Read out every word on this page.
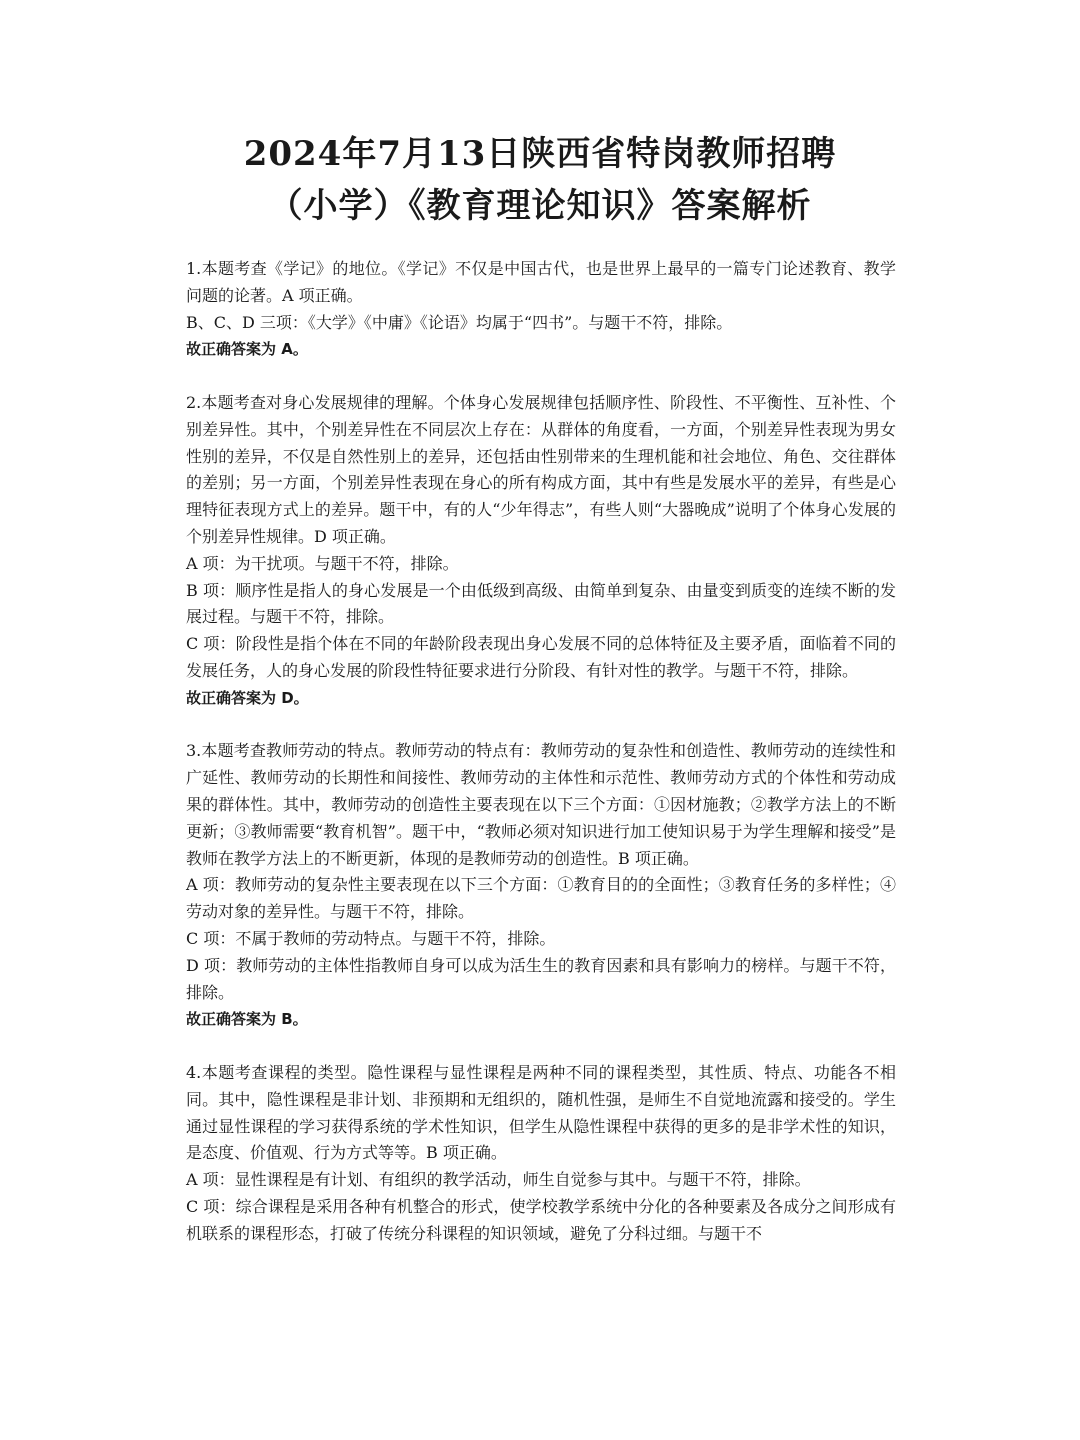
2024年7月13日陕西省特岗教师招聘
（小学）《教育理论知识》答案解析

1.本题考查《学记》的地位。《学记》不仅是中国古代，也是世界上最早的一篇专门论述教育、教学问题的论著。A 项正确。

B、C、D 三项：《大学》《中庸》《论语》均属于“四书”。与题干不符，排除。

故正确答案为 A。

2.本题考查对身心发展规律的理解。个体身心发展规律包括顺序性、阶段性、不平衡性、互补性、个别差异性。其中，个别差异性在不同层次上存在：从群体的角度看，一方面，个别差异性表现为男女性别的差异，不仅是自然性别上的差异，还包括由性别带来的生理机能和社会地位、角色、交往群体的差别；另一方面，个别差异性表现在身心的所有构成方面，其中有些是发展水平的差异，有些是心理特征表现方式上的差异。题干中，有的人“少年得志”，有些人则“大器晚成”说明了个体身心发展的个别差异性规律。D 项正确。

A 项：为干扰项。与题干不符，排除。

B 项：顺序性是指人的身心发展是一个由低级到高级、由简单到复杂、由量变到质变的连续不断的发展过程。与题干不符，排除。

C 项：阶段性是指个体在不同的年龄阶段表现出身心发展不同的总体特征及主要矛盾，面临着不同的发展任务，人的身心发展的阶段性特征要求进行分阶段、有针对性的教学。与题干不符，排除。

故正确答案为 D。

3.本题考查教师劳动的特点。教师劳动的特点有：教师劳动的复杂性和创造性、教师劳动的连续性和广延性、教师劳动的长期性和间接性、教师劳动的主体性和示范性、教师劳动方式的个体性和劳动成果的群体性。其中，教师劳动的创造性主要表现在以下三个方面：①因材施教；②教学方法上的不断更新；③教师需要“教育机智”。题干中，“教师必须对知识进行加工使知识易于为学生理解和接受”是教师在教学方法上的不断更新，体现的是教师劳动的创造性。B 项正确。

A 项：教师劳动的复杂性主要表现在以下三个方面：①教育目的的全面性；③教育任务的多样性；④劳动对象的差异性。与题干不符，排除。

C 项：不属于教师的劳动特点。与题干不符，排除。

D 项：教师劳动的主体性指教师自身可以成为活生生的教育因素和具有影响力的榜样。与题干不符，排除。

故正确答案为 B。

4.本题考查课程的类型。隐性课程与显性课程是两种不同的课程类型，其性质、特点、功能各不相同。其中，隐性课程是非计划、非预期和无组织的，随机性强，是师生不自觉地流露和接受的。学生通过显性课程的学习获得系统的学术性知识，但学生从隐性课程中获得的更多的是非学术性的知识，是态度、价值观、行为方式等等。B 项正确。

A 项：显性课程是有计划、有组织的教学活动，师生自觉参与其中。与题干不符，排除。

C 项：综合课程是采用各种有机整合的形式，使学校教学系统中分化的各种要素及各成分之间形成有机联系的课程形态，打破了传统分科课程的知识领域，避免了分科过细。与题干不
